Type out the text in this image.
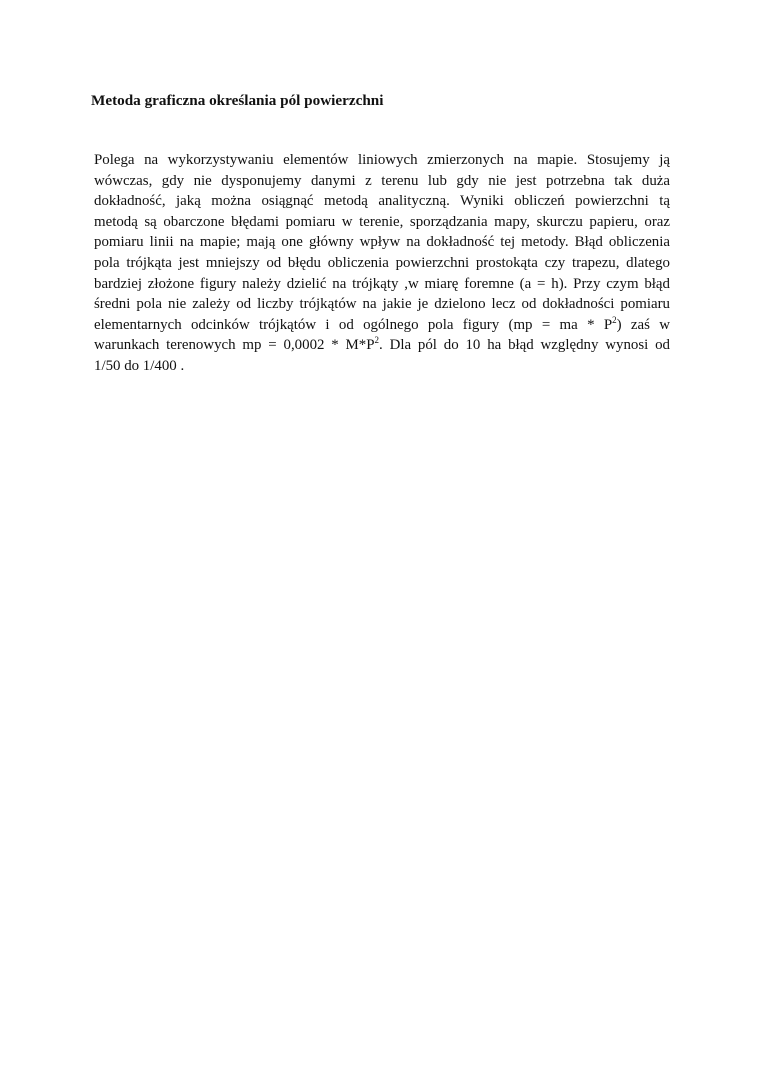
Metoda graficzna określania pól powierzchni
Polega na wykorzystywaniu elementów liniowych zmierzonych na mapie. Stosujemy ją
wówczas, gdy nie dysponujemy danymi z terenu lub gdy nie jest potrzebna tak duża
dokładność, jaką można osiągnąć metodą analityczną. Wyniki obliczeń powierzchni tą
metodą są obarczone błędami pomiaru w terenie, sporządzania mapy, skurczu papieru, oraz
pomiaru linii na mapie; mają one główny wpływ na dokładność tej metody. Błąd obliczenia
pola trójkąta jest mniejszy od błędu obliczenia powierzchni prostokąta czy trapezu, dlatego
bardziej złożone figury należy dzielić na trójkąty ,w miarę foremne (a = h). Przy czym błąd
średni pola nie zależy od liczby trójkątów na jakie je dzielono lecz od dokładności pomiaru
elementarnych odcinków trójkątów i od ogólnego pola figury (mp = ma * $P^2$) zaś w
warunkach terenowych mp = $0,0002 * M*P^2$. Dla pól do 10 ha błąd względny wynosi od
1/50 do 1/400 .
